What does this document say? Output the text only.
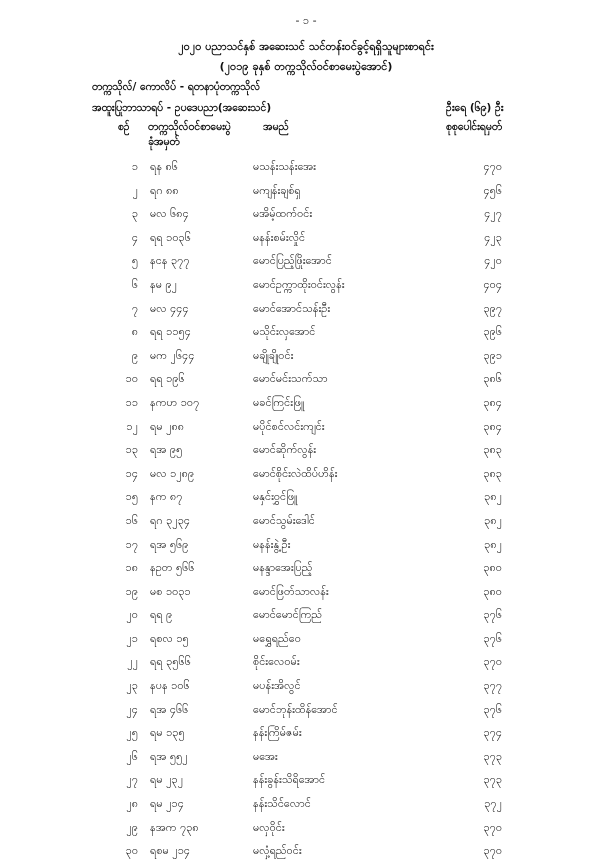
- ၁ -
၂၀၂၀ ပညာသင်နှစ် အဆေးသင် သင်တန်းဝင်ခွင့်ရရှိသူများစာရင်း
(၂၀၁၉ ခုနှစ် တက္ကသိုလ်ဝင်စာမေးပွဲအောင်)
တက္ကသိုလ်/ ကောလိပ် - ရတနာပုံတက္ကသိုလ်
အထူးပြုဘာသာရပ် - ဥပဒေပညာ(အဆေးသင်)	ဦးရေ (၆၉) ဦး
စဉ် တက္ကသိုလ်ဝင်စာမေးပွဲ
ခုံအမှတ်
အမည်	စုစုပေါင်းရမှတ်
၁ ရန ၈၆	မသန်းသန်းအေး	၄၇၀
၂ ရဂ ၈၈	မကျန်းချစ်ရှ	၄၅၆
၃ မလ ၆၈၄	မအိမ့်ထက်ဝင်း	၄၂၇
၄ ရရ ၁၀၃၆	မနန်းစမ်းလှိုင်	၄၂၃
၅ နငန ၃၇၇	မောင်ပြည့်ဖြိုးအောင်	၄၂၀
၆ နမ ၉၂	မောင်ဥက္ကာထိုးဝင်းလွန်း	၄၀၄
၇ မလ ၄၄၄	မောင်အောင်သန်းဦး	၃၉၇
၈ ရရ ၁၁၅၄	မသိုင်းလှအောင်	၃၉၆
၉ မက ၂၆၄၄	မချိုချိုဝင်း	၃၉၁
၁၀ ရရ ၁၉၆	မောင်မင်းသက်သာ	၃၈၆
၁၁ နကဟ ၁၀၇	မခင်ကြင်းဖြူ	၃၈၄
၁၂ ရမ ၂၈၈	မပိုင်စင်လင်းကျင်း	၃၈၄
၁၃ ရအ ၉၅	မောင်ဆိုက်လွန်း	၃၈၃
၁၄ မလ ၁၂၈၉	မောင်စိုင်းလဲထိပ်ဟိန်း	၃၈၃
၁၅ နက ၈၇	မနှင်းဝွှင်ဖြူ	၃၈၂
၁၆ ရဂ ၃၂၃၄	မောင်သွမ်းဒေါင်	၃၈၂
၁၇ ရအ ၅၆၉	မနန်းနွဲ့ဦး	၃၈၂
၁၈ နဥတ ၅၆၆	မနန္ဒာအေးပြည့်	၃၈၀
၁၉ မစ ၁၀၃၁	မောင်ဖြတ်သာလန်း	၃၈၀
၂၀ ရရ ၉	မောင်မောင်ကြည်	၃၇၆
၂၁ ရစလ ၁၅	မရွှေရည်ဝေ	၃၇၆
၂၂ ရရ ၃၅၆၆	စိုင်းလေဝမ်း	၃၇၀
၂၃ နပန ၁၀၆	မပန်းအိလွင်	၃၇၇
၂၄ ရအ ၄၆၆	မောင်ဘုန်းထိန်အောင်	၃၇၆
၂၅ ရမ ၁၃၅	နန်းကြိမ်ဇမ်း	၃၇၄
၂၆ ရအ ၅၅၂	မအေး	၃၇၃
၂၇ ရမ ၂၃၂	နန်းခွန်းသိရိအောင်	၃၇၃
၂၈ ရမ ၂၁၄	နန်းသိင်လောင်	၃၇၂
၂၉ နအက ၇၃၈	မလှဝိုင်း	၃၇၀
၃၀ ရစမ ၂၁၄	မလှံ့ရည်ဝင်း	၃၇၀
